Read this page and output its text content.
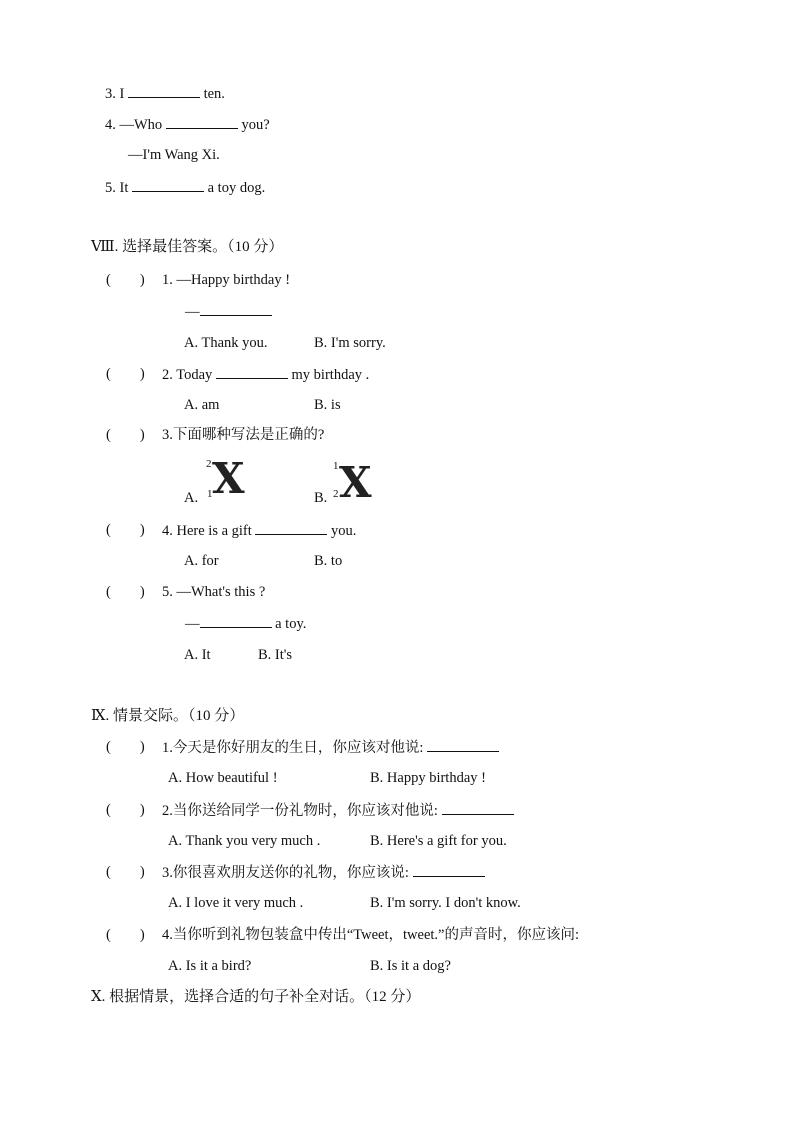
3. I	ten.
4. —Who	you?
—I'm Wang Xi.
5. It	a toy dog.
Ⅷ. 选择最佳答案。（10 分）
(        ) 1. —Happy birthday !
—
A. Thank you.	B. I'm sorry.
(        ) 2. Today	my birthday .
A. am	B. is
(        ) 3.下面哪种写法是正确的?
A.
2
1 X	B.
1
2 X
(        ) 4. Here is a gift	you.
A. for	B. to
(        ) 5. —What's this ?
—	a toy.
A. It	B. It's
Ⅸ. 情景交际。（10 分）
(        ) 1.今天是你好朋友的生日，你应该对他说:
A. How beautiful !	B. Happy birthday !
(        ) 2.当你送给同学一份礼物时，你应该对他说:
A. Thank you very much .	B. Here's a gift for you.
(        ) 3.你很喜欢朋友送你的礼物，你应该说:
A. I love it very much .	B. I'm sorry. I don't know.
(        ) 4.当你听到礼物包装盒中传出“Tweet，tweet.”的声音时，你应该问:
A. Is it a bird?	B. Is it a dog?
Ⅹ. 根据情景，选择合适的句子补全对话。（12 分）
